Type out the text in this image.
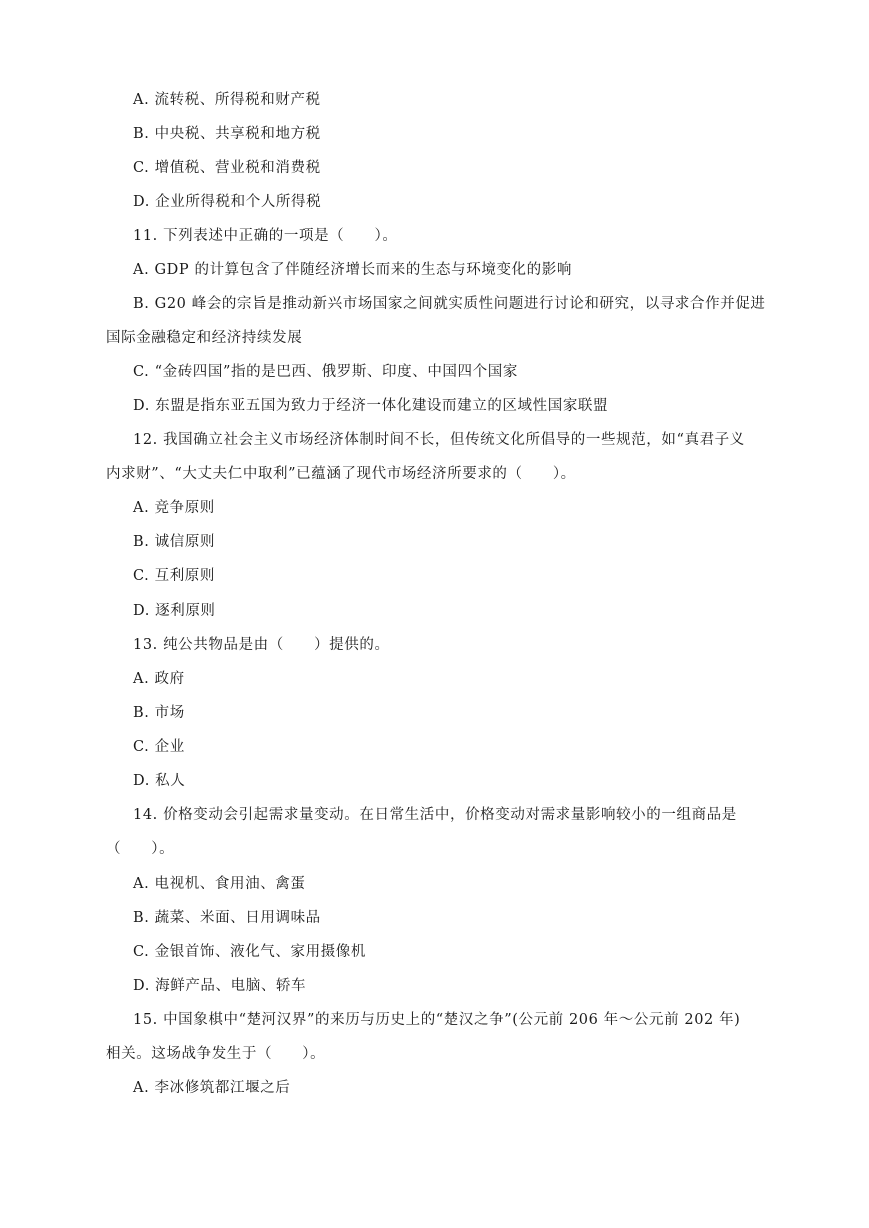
A. 流转税、所得税和财产税
B. 中央税、共享税和地方税
C. 增值税、营业税和消费税
D. 企业所得税和个人所得税
11. 下列表述中正确的一项是（　　）。
A. GDP 的计算包含了伴随经济增长而来的生态与环境变化的影响
B. G20 峰会的宗旨是推动新兴市场国家之间就实质性问题进行讨论和研究，以寻求合作并促进
国际金融稳定和经济持续发展
C. “金砖四国”指的是巴西、俄罗斯、印度、中国四个国家
D. 东盟是指东亚五国为致力于经济一体化建设而建立的区域性国家联盟
12. 我国确立社会主义市场经济体制时间不长，但传统文化所倡导的一些规范，如“真君子义
内求财”、“大丈夫仁中取利”已蕴涵了现代市场经济所要求的（　　）。
A. 竞争原则
B. 诚信原则
C. 互利原则
D. 逐利原则
13. 纯公共物品是由（　　）提供的。
A. 政府
B. 市场
C. 企业
D. 私人
14. 价格变动会引起需求量变动。在日常生活中，价格变动对需求量影响较小的一组商品是
（　　）。
A. 电视机、食用油、禽蛋
B. 蔬菜、米面、日用调味品
C. 金银首饰、液化气、家用摄像机
D. 海鲜产品、电脑、轿车
15. 中国象棋中“楚河汉界”的来历与历史上的“楚汉之争”(公元前 206 年～公元前 202 年)
相关。这场战争发生于（　　）。
A. 李冰修筑都江堰之后
